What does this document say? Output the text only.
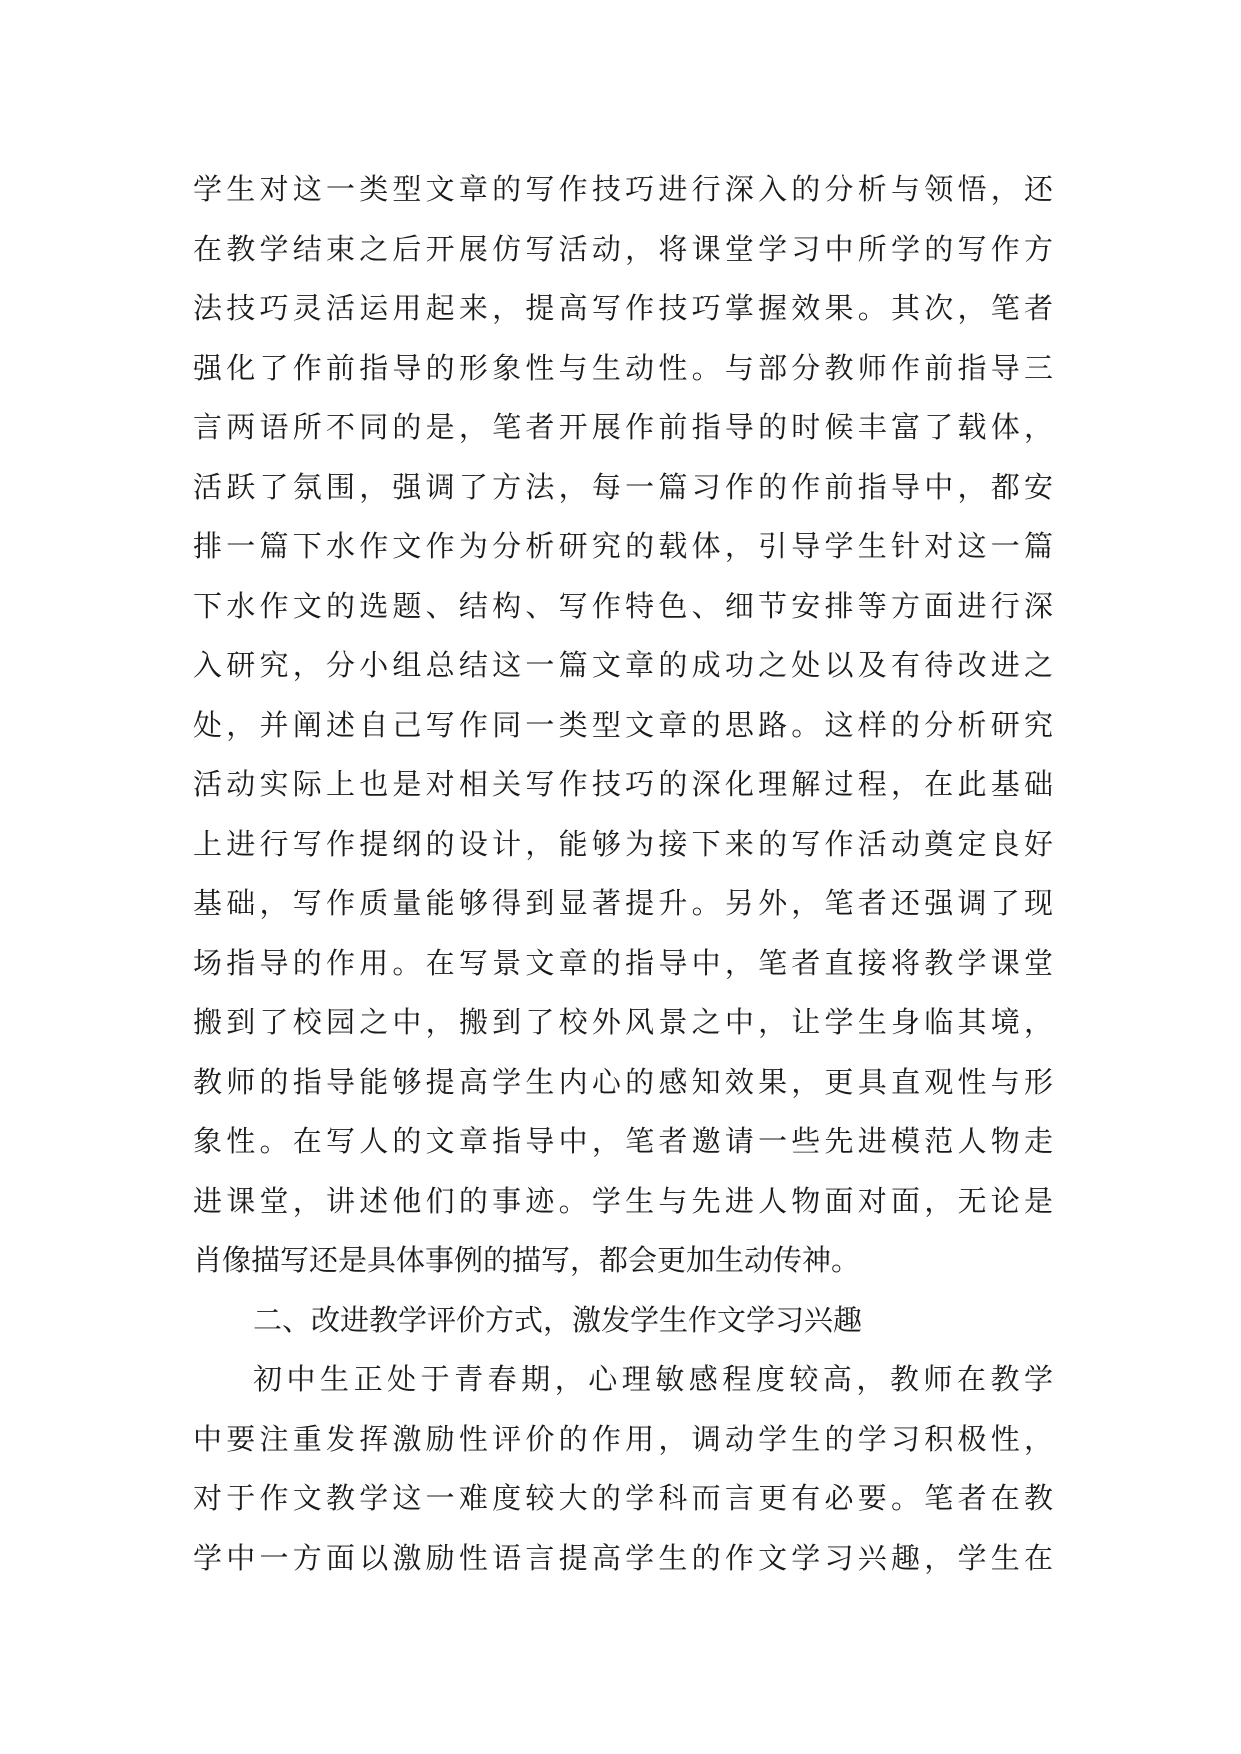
学生对这一类型文章的写作技巧进行深入的分析与领悟，还
在教学结束之后开展仿写活动，将课堂学习中所学的写作方
法技巧灵活运用起来，提高写作技巧掌握效果。其次，笔者
强化了作前指导的形象性与生动性。与部分教师作前指导三
言两语所不同的是，笔者开展作前指导的时候丰富了载体，
活跃了氛围，强调了方法，每一篇习作的作前指导中，都安
排一篇下水作文作为分析研究的载体，引导学生针对这一篇
下水作文的选题、结构、写作特色、细节安排等方面进行深
入研究，分小组总结这一篇文章的成功之处以及有待改进之
处，并阐述自己写作同一类型文章的思路。这样的分析研究
活动实际上也是对相关写作技巧的深化理解过程，在此基础
上进行写作提纲的设计，能够为接下来的写作活动奠定良好
基础，写作质量能够得到显著提升。另外，笔者还强调了现
场指导的作用。在写景文章的指导中，笔者直接将教学课堂
搬到了校园之中，搬到了校外风景之中，让学生身临其境，
教师的指导能够提高学生内心的感知效果，更具直观性与形
象性。在写人的文章指导中，笔者邀请一些先进模范人物走
进课堂，讲述他们的事迹。学生与先进人物面对面，无论是
肖像描写还是具体事例的描写，都会更加生动传神。
二、改进教学评价方式，激发学生作文学习兴趣
初中生正处于青春期，心理敏感程度较高，教师在教学
中要注重发挥激励性评价的作用，调动学生的学习积极性，
对于作文教学这一难度较大的学科而言更有必要。笔者在教
学中一方面以激励性语言提高学生的作文学习兴趣，学生在
